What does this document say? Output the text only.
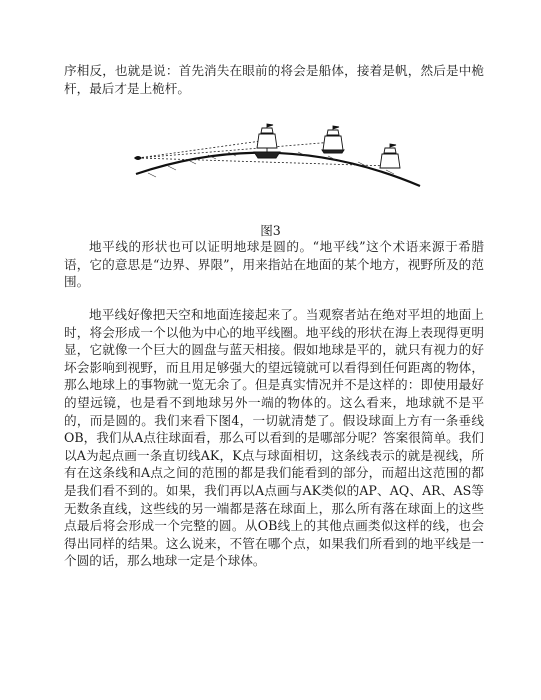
序相反，也就是说：首先消失在眼前的将会是船体，接着是帆，然后是中桅杆，最后才是上桅杆。

图3

地平线的形状也可以证明地球是圆的。“地平线”这个术语来源于希腊语，它的意思是“边界、界限”，用来指站在地面的某个地方，视野所及的范围。

地平线好像把天空和地面连接起来了。当观察者站在绝对平坦的地面上时，将会形成一个以他为中心的地平线圈。地平线的形状在海上表现得更明显，它就像一个巨大的圆盘与蓝天相接。假如地球是平的，就只有视力的好坏会影响到视野，而且用足够强大的望远镜就可以看得到任何距离的物体，那么地球上的事物就一览无余了。但是真实情况并不是这样的：即使用最好的望远镜，也是看不到地球另外一端的物体的。这么看来，地球就不是平的，而是圆的。我们来看下图4，一切就清楚了。假设球面上方有一条垂线OB，我们从A点往球面看，那么可以看到的是哪部分呢？答案很简单。我们以A为起点画一条直切线AK，K点与球面相切，这条线表示的就是视线，所有在这条线和A点之间的范围的都是我们能看到的部分，而超出这范围的都是我们看不到的。如果，我们再以A点画与AK类似的AP、AQ、AR、AS等无数条直线，这些线的另一端都是落在球面上，那么所有落在球面上的这些点最后将会形成一个完整的圆。从OB线上的其他点画类似这样的线，也会得出同样的结果。这么说来，不管在哪个点，如果我们所看到的地平线是一个圆的话，那么地球一定是个球体。
